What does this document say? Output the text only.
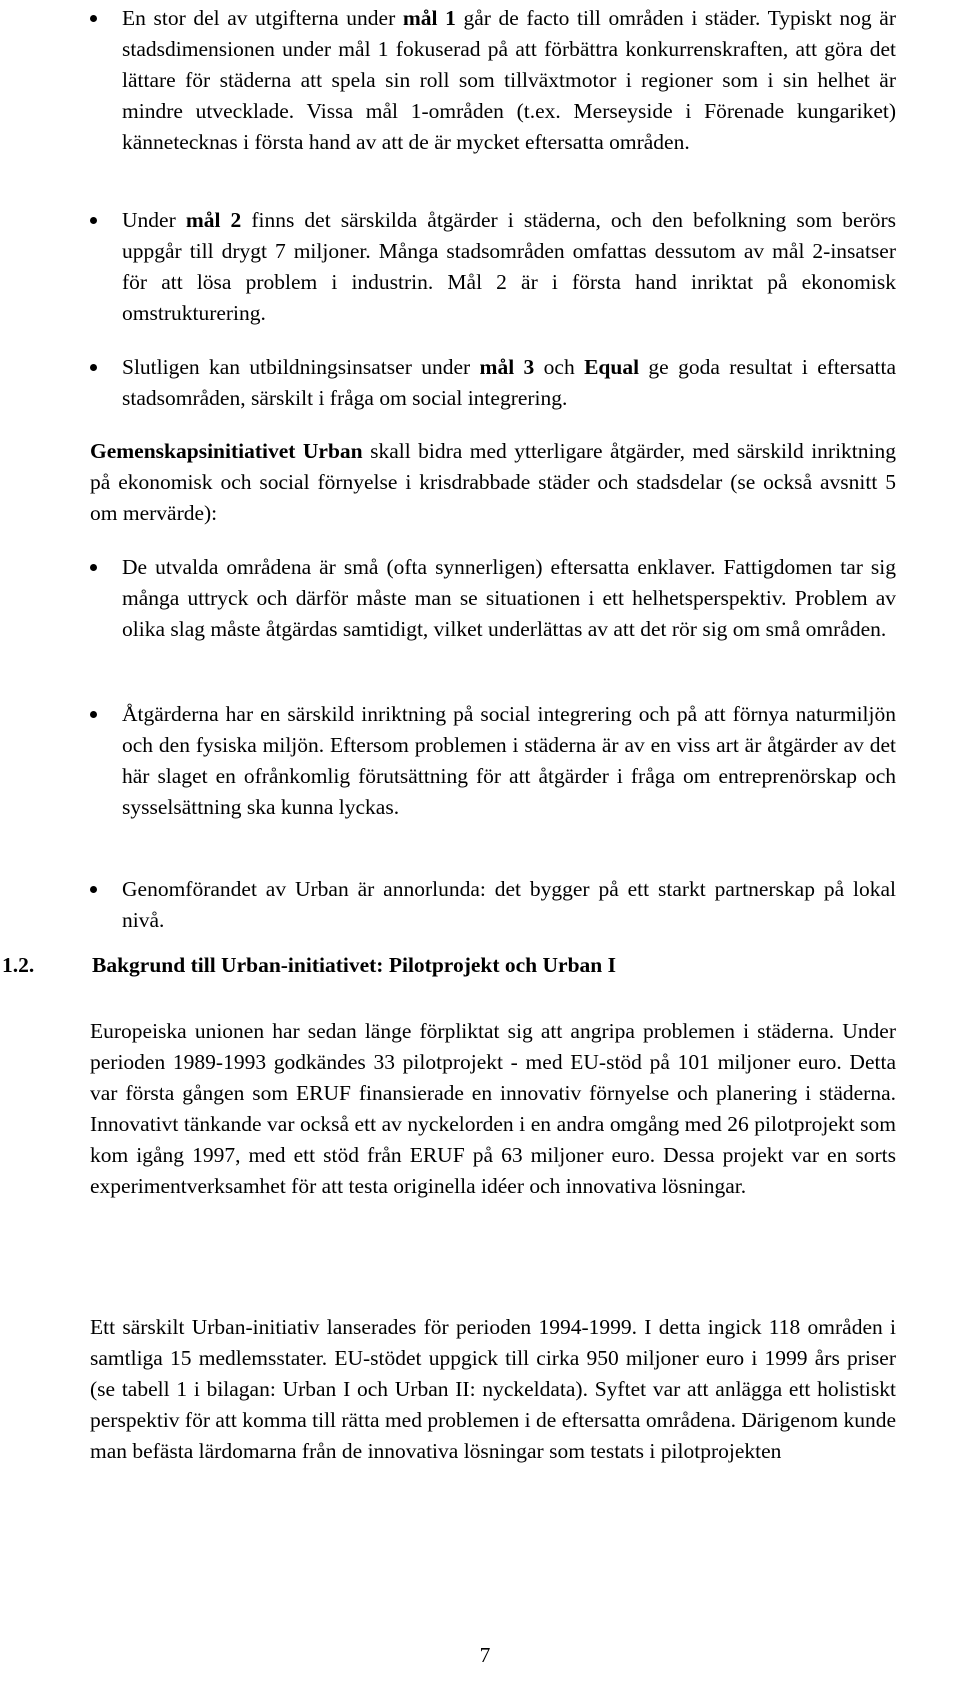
En stor del av utgifterna under mål 1 går de facto till områden i städer. Typiskt nog är stadsdimensionen under mål 1 fokuserad på att förbättra konkurrenskraften, att göra det lättare för städerna att spela sin roll som tillväxtmotor i regioner som i sin helhet är mindre utvecklade. Vissa mål 1-områden (t.ex. Merseyside i Förenade kungariket) kännetecknas i första hand av att de är mycket eftersatta områden.

Under mål 2 finns det särskilda åtgärder i städerna, och den befolkning som berörs uppgår till drygt 7 miljoner. Många stadsområden omfattas dessutom av mål 2-insatser för att lösa problem i industrin. Mål 2 är i första hand inriktat på ekonomisk omstrukturering.

Slutligen kan utbildningsinsatser under mål 3 och Equal ge goda resultat i eftersatta stadsområden, särskilt i fråga om social integrering.

Gemenskapsinitiativet Urban skall bidra med ytterligare åtgärder, med särskild inriktning på ekonomisk och social förnyelse i krisdrabbade städer och stadsdelar (se också avsnitt 5 om mervärde):

De utvalda områdena är små (ofta synnerligen) eftersatta enklaver. Fattigdomen tar sig många uttryck och därför måste man se situationen i ett helhetsperspektiv. Problem av olika slag måste åtgärdas samtidigt, vilket underlättas av att det rör sig om små områden.

Åtgärderna har en särskild inriktning på social integrering och på att förnya naturmiljön och den fysiska miljön. Eftersom problemen i städerna är av en viss art är åtgärder av det här slaget en ofrånkomlig förutsättning för att åtgärder i fråga om entreprenörskap och sysselsättning ska kunna lyckas.

Genomförandet av Urban är annorlunda: det bygger på ett starkt partnerskap på lokal nivå.

1.2.	Bakgrund till Urban-initiativet: Pilotprojekt och Urban I

Europeiska unionen har sedan länge förpliktat sig att angripa problemen i städerna. Under perioden 1989-1993 godkändes 33 pilotprojekt - med EU-stöd på 101 miljoner euro. Detta var första gången som ERUF finansierade en innovativ förnyelse och planering i städerna. Innovativt tänkande var också ett av nyckelorden i en andra omgång med 26 pilotprojekt som kom igång 1997, med ett stöd från ERUF på 63 miljoner euro. Dessa projekt var en sorts experimentverksamhet för att testa originella idéer och innovativa lösningar.

Ett särskilt Urban-initiativ lanserades för perioden 1994-1999. I detta ingick 118 områden i samtliga 15 medlemsstater. EU-stödet uppgick till cirka 950 miljoner euro i 1999 års priser (se tabell 1 i bilagan: Urban I och Urban II: nyckeldata). Syftet var att anlägga ett holistiskt perspektiv för att komma till rätta med problemen i de eftersatta områdena. Därigenom kunde man befästa lärdomarna från de innovativa lösningar som testats i pilotprojekten

7
